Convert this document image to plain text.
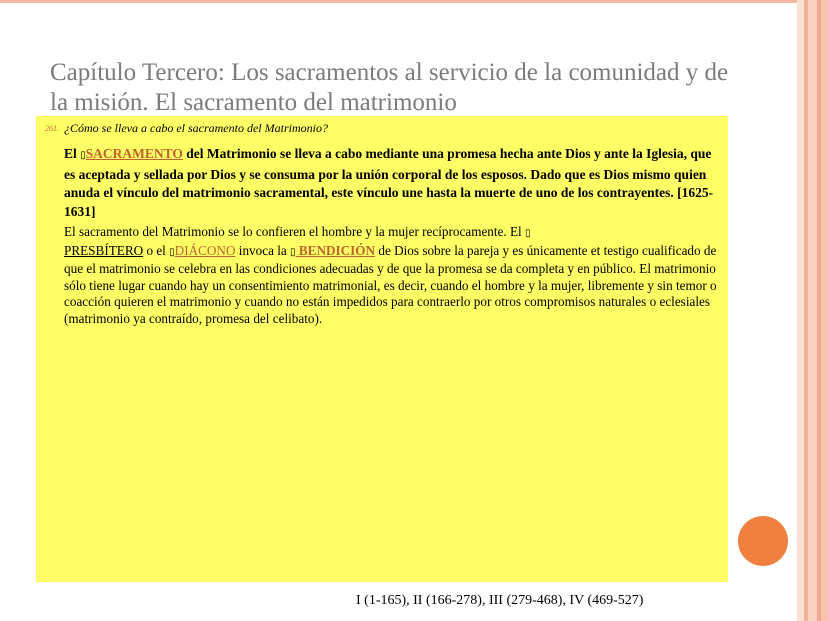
Capítulo Tercero: Los sacramentos al servicio de la comunidad y de la misión. El sacramento del matrimonio
261. ¿Cómo se lleva a cabo el sacramento del Matrimonio?

El ▯SACRAMENTO del Matrimonio se lleva a cabo mediante una promesa hecha ante Dios y ante la Iglesia, que es aceptada y sellada por Dios y se consuma por la unión corporal de los esposos. Dado que es Dios mismo quien anuda el vínculo del matrimonio sacramental, este vínculo une hasta la muerte de uno de los contrayentes. [1625-1631]

El sacramento del Matrimonio se lo confieren el hombre y la mujer recíprocamente. El ▯
PRESBÍTERO o el ▯DIÁCONO invoca la ▯ BENDICIÓN de Dios sobre la pareja y es únicamente et testigo cualificado de que el matrimonio se celebra en las condiciones adecuadas y de que la promesa se da completa y en público. El matrimonio sólo tiene lugar cuando hay un consentimiento matrimonial, es decir, cuando el hombre y la mujer, libremente y sin temor o coacción quieren el matrimonio y cuando no están impedidos para contraerlo por otros compromisos naturales o eclesiales (matrimonio ya contraído, promesa del celibato).

I (1-165), II (166-278), III (279-468), IV (469-527)
